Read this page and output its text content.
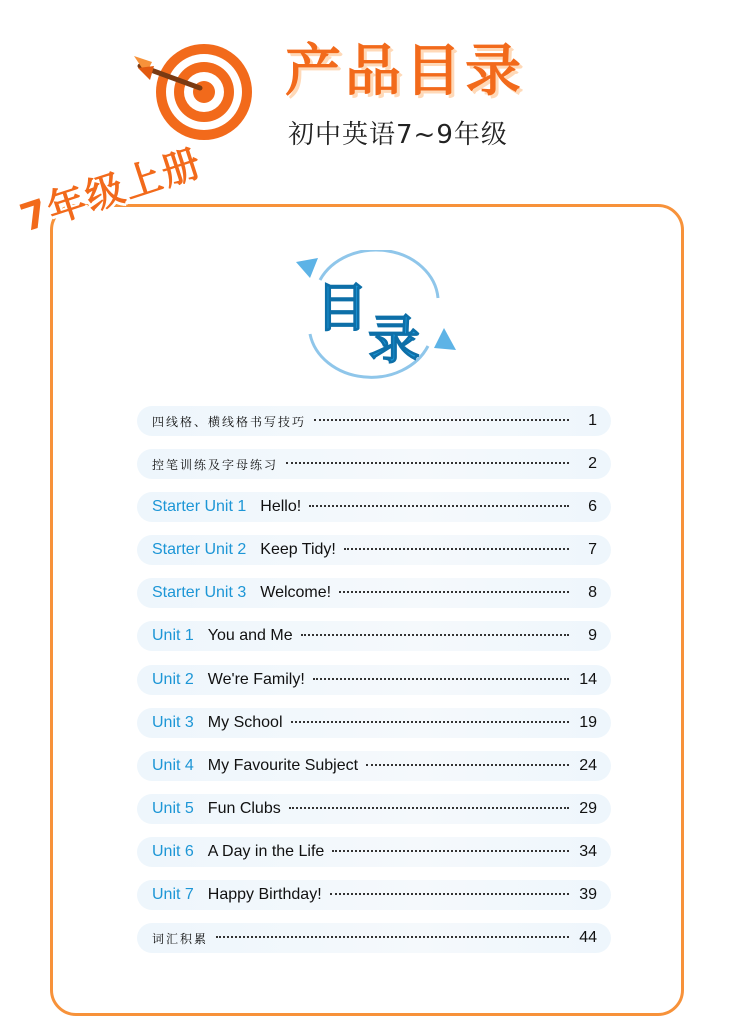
产品目录
初中英语7~9年级
7年级上册
目
录
四线格、横线格书写技巧	1
控笔训练及字母练习	2
Starter Unit 1 Hello!	6
Starter Unit 2 Keep Tidy!	7
Starter Unit 3 Welcome!	8
Unit 1 You and Me	9
Unit 2 We're Family!	14
Unit 3 My School	19
Unit 4 My Favourite Subject	24
Unit 5 Fun Clubs	29
Unit 6 A Day in the Life	34
Unit 7 Happy Birthday!	39
词汇积累	44
